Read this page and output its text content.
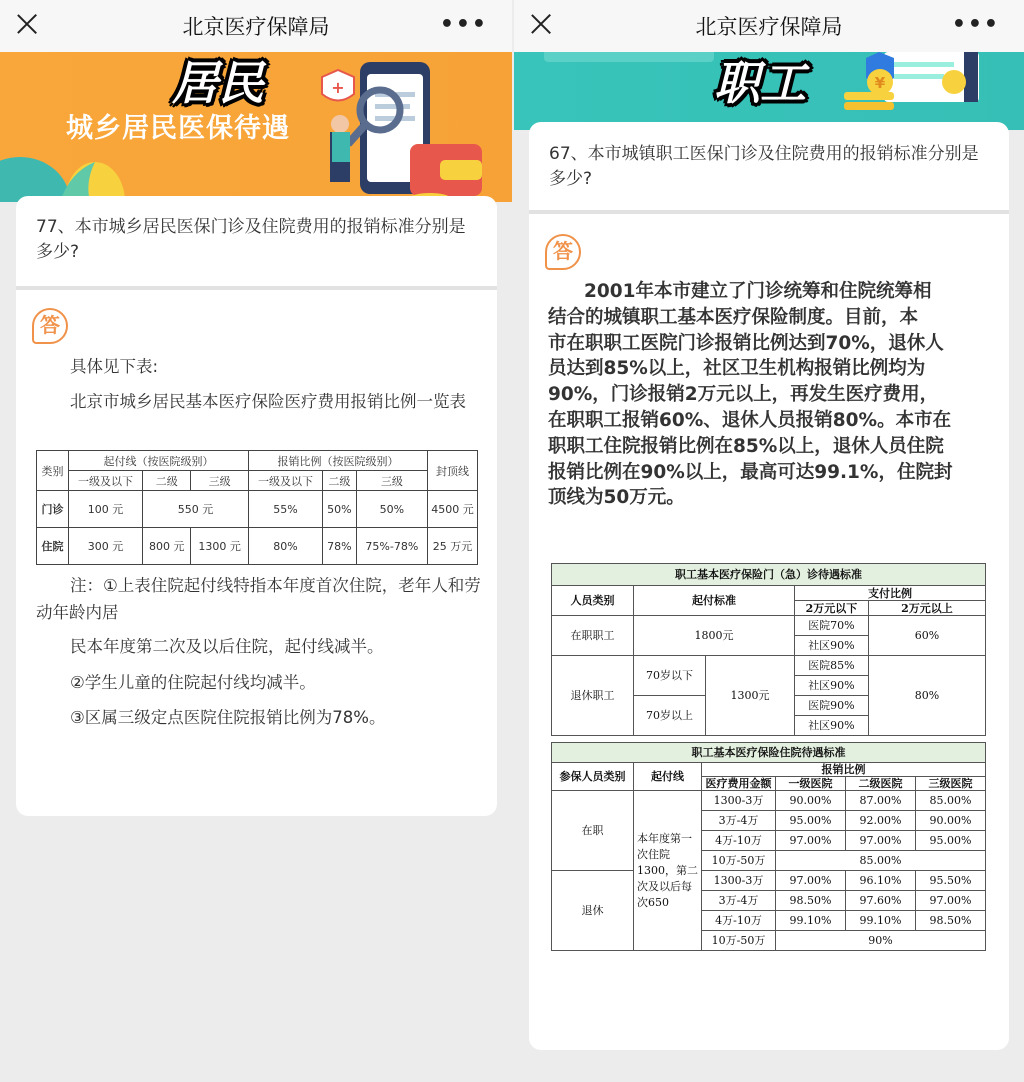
北京医疗保障局	•••
+
居民
城乡居民医保待遇
77、本市城乡居民医保门诊及住院费用的报销标准分别是多少?
答
具体见下表:
北京市城乡居民基本医疗保险医疗费用报销比例一览表
类别	起付线（按医院级别）			报销比例（按医院级别）			封顶线
	一级及以下	二级	三级	一级及以下	二级	三级	
门诊	100 元	550 元		55%	50%	50%	4500 元
住院	300 元	800 元	1300 元	80%	78%	75%-78%	25 万元
注：①上表住院起付线特指本年度首次住院，老年人和劳动年龄内居
民本年度第二次及以后住院，起付线减半。
②学生儿童的住院起付线均减半。
③区属三级定点医院住院报销比例为78%。
北京医疗保障局	•••
¥
职工
67、本市城镇职工医保门诊及住院费用的报销标准分别是多少?
答
2001年本市建立了门诊统筹和住院统筹相
结合的城镇职工基本医疗保险制度。目前，本
市在职职工医院门诊报销比例达到70%，退休人
员达到85%以上，社区卫生机构报销比例均为
90%，门诊报销2万元以上，再发生医疗费用，
在职职工报销60%、退休人员报销80%。本市在
职职工住院报销比例在85%以上，退休人员住院
报销比例在90%以上，最高可达99.1%，住院封
顶线为50万元。
职工基本医疗保险门（急）诊待遇标准				
人员类别	起付标准		支付比例	
			2万元以下	2万元以上
在职职工	1800元		医院70%	60%
			社区90%	
退休职工	70岁以下	1300元	医院85%	80%
			社区90%	
	70岁以上		医院90%	
			社区90%	
职工基本医疗保险住院待遇标准					
参保人员类别	起付线	报销比例			
		医疗费用金额	一级医院	二级医院	三级医院
在职	本年度第一次住院1300，第二次及以后每次650	1300-3万	90.00%	87.00%	85.00%
		3万-4万	95.00%	92.00%	90.00%
		4万-10万	97.00%	97.00%	95.00%
		10万-50万	85.00%		
退休		1300-3万	97.00%	96.10%	95.50%
		3万-4万	98.50%	97.60%	97.00%
		4万-10万	99.10%	99.10%	98.50%
		10万-50万	90%		
